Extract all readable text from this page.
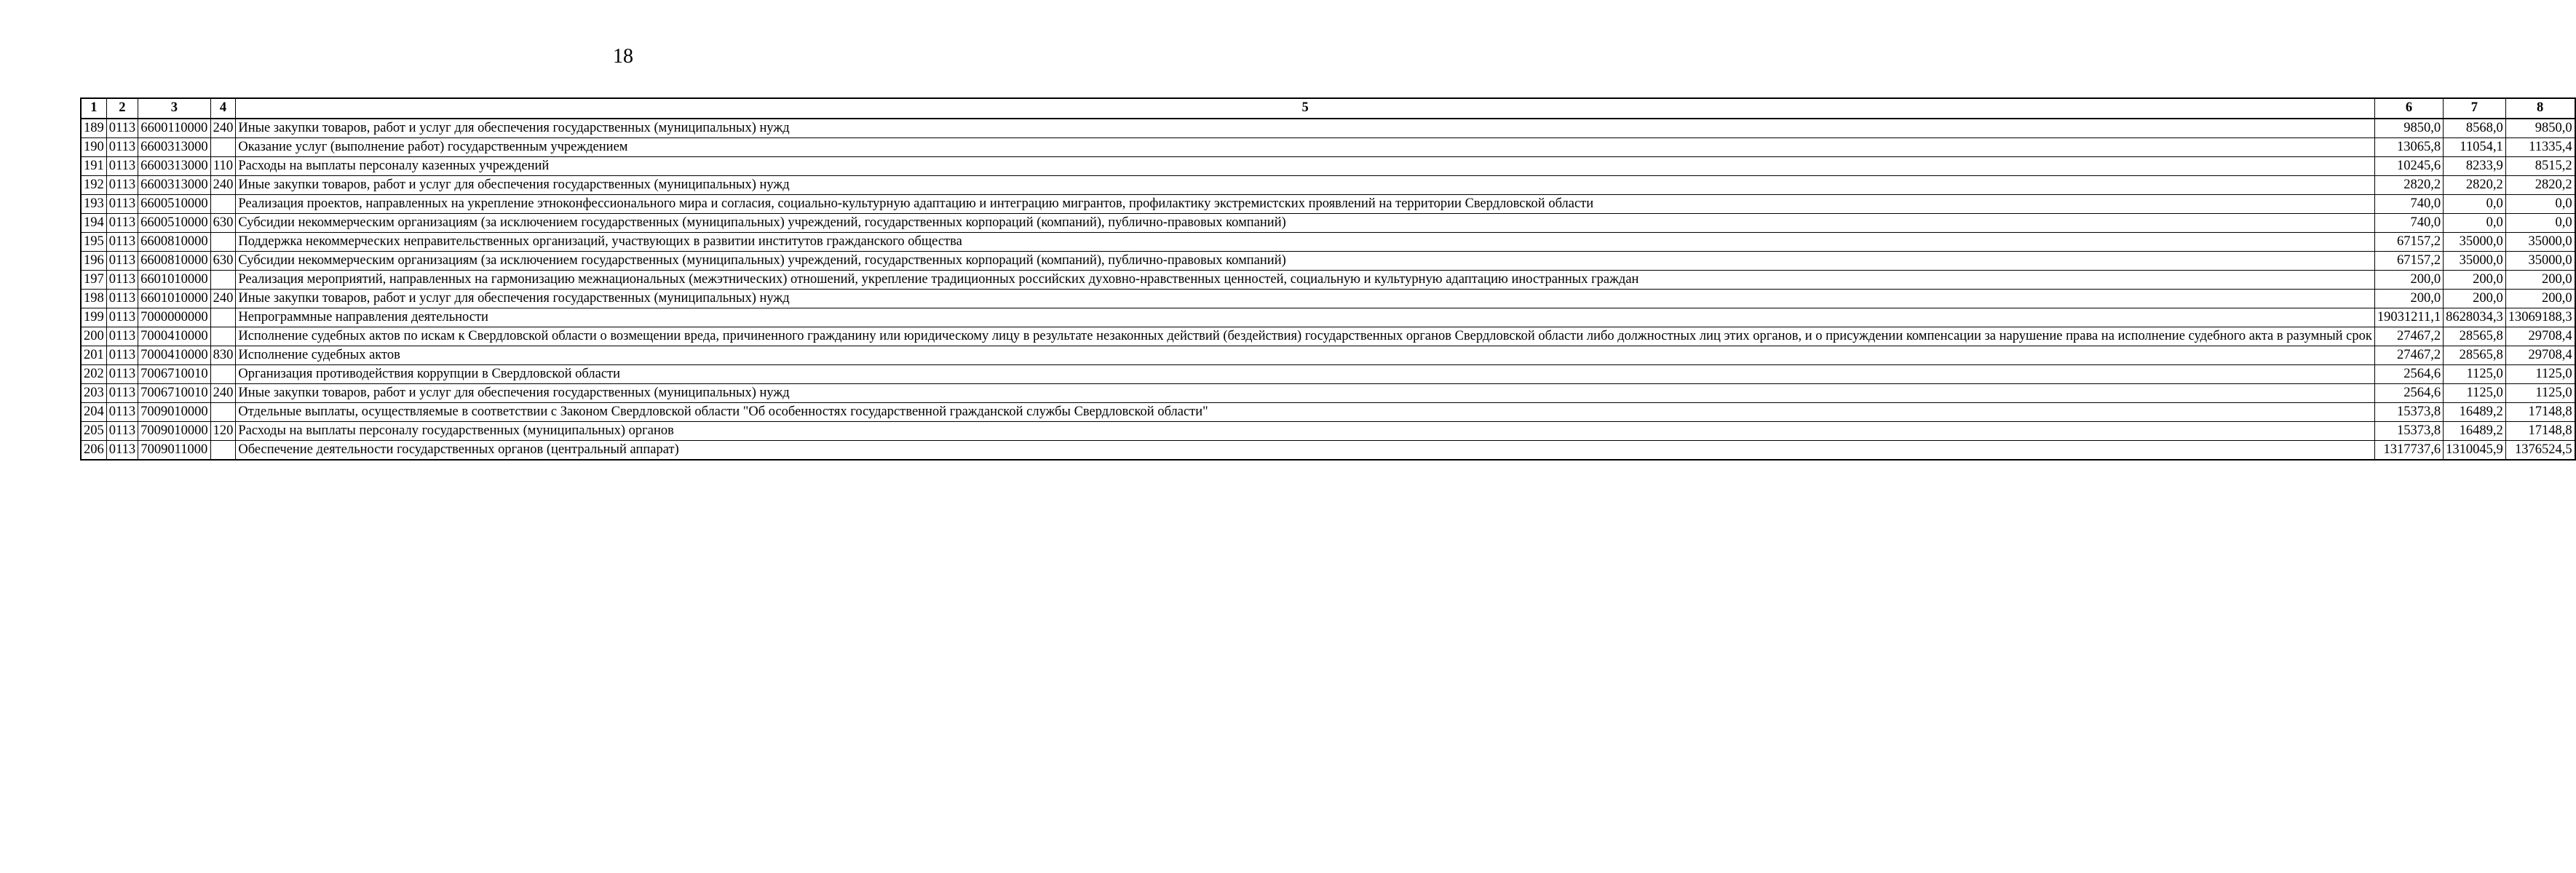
18
1	2	3	4	5	6	7	8
189	0113	6600110000	240	Иные закупки товаров, работ и услуг для обеспечения государственных (муниципальных) нужд	9850,0	8568,0	9850,0
190	0113	6600313000		Оказание услуг (выполнение работ) государственным учреждением	13065,8	11054,1	11335,4
191	0113	6600313000	110	Расходы на выплаты персоналу казенных учреждений	10245,6	8233,9	8515,2
192	0113	6600313000	240	Иные закупки товаров, работ и услуг для обеспечения государственных (муниципальных) нужд	2820,2	2820,2	2820,2
193	0113	6600510000		Реализация проектов, направленных на укрепление этноконфессионального мира и согласия, социально-культурную адаптацию и интеграцию мигрантов, профилактику экстремистских проявлений на территории Свердловской области	740,0	0,0	0,0
194	0113	6600510000	630	Субсидии некоммерческим организациям (за исключением государственных (муниципальных) учреждений, государственных корпораций (компаний), публично-правовых компаний)	740,0	0,0	0,0
195	0113	6600810000		Поддержка некоммерческих неправительственных организаций, участвующих в развитии институтов гражданского общества	67157,2	35000,0	35000,0
196	0113	6600810000	630	Субсидии некоммерческим организациям (за исключением государственных (муниципальных) учреждений, государственных корпораций (компаний), публично-правовых компаний)	67157,2	35000,0	35000,0
197	0113	6601010000		Реализация мероприятий, направленных на гармонизацию межнациональных (межэтнических) отношений, укрепление традиционных российских духовно-нравственных ценностей, социальную и культурную адаптацию иностранных граждан	200,0	200,0	200,0
198	0113	6601010000	240	Иные закупки товаров, работ и услуг для обеспечения государственных (муниципальных) нужд	200,0	200,0	200,0
199	0113	7000000000		Непрограммные направления деятельности	19031211,1	8628034,3	13069188,3
200	0113	7000410000		Исполнение судебных актов по искам к Свердловской области о возмещении вреда, причиненного гражданину или юридическому лицу в результате незаконных действий (бездействия) государственных органов Свердловской области либо должностных лиц этих органов, и о присуждении компенсации за нарушение права на исполнение судебного акта в разумный срок	27467,2	28565,8	29708,4
201	0113	7000410000	830	Исполнение судебных актов	27467,2	28565,8	29708,4
202	0113	7006710010		Организация противодействия коррупции в Свердловской области	2564,6	1125,0	1125,0
203	0113	7006710010	240	Иные закупки товаров, работ и услуг для обеспечения государственных (муниципальных) нужд	2564,6	1125,0	1125,0
204	0113	7009010000		Отдельные выплаты, осуществляемые в соответствии с Законом Свердловской области "Об особенностях государственной гражданской службы Свердловской области"	15373,8	16489,2	17148,8
205	0113	7009010000	120	Расходы на выплаты персоналу государственных (муниципальных) органов	15373,8	16489,2	17148,8
206	0113	7009011000		Обеспечение деятельности государственных органов (центральный аппарат)	1317737,6	1310045,9	1376524,5
